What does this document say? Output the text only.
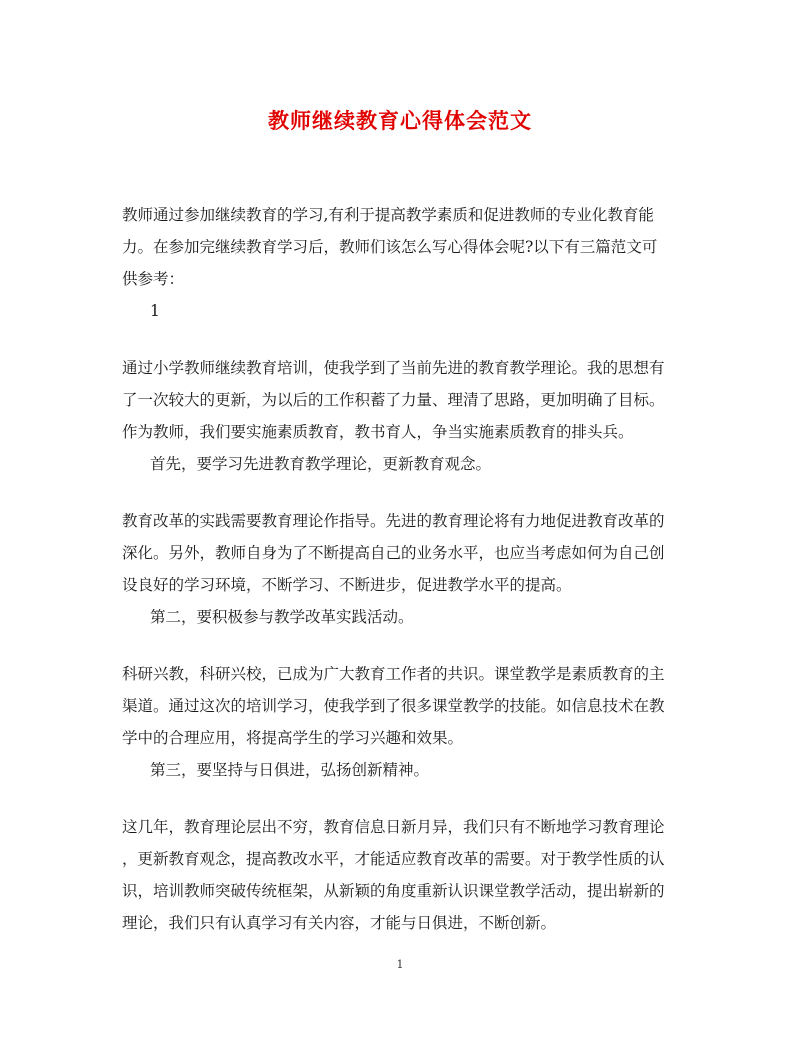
教师继续教育心得体会范文
教师通过参加继续教育的学习,有利于提高教学素质和促进教师的专业化教育能
力。在参加完继续教育学习后，教师们该怎么写心得体会呢?以下有三篇范文可
供参考：
1
通过小学教师继续教育培训，使我学到了当前先进的教育教学理论。我的思想有
了一次较大的更新，为以后的工作积蓄了力量、理清了思路，更加明确了目标。
作为教师，我们要实施素质教育，教书育人，争当实施素质教育的排头兵。
首先，要学习先进教育教学理论，更新教育观念。
教育改革的实践需要教育理论作指导。先进的教育理论将有力地促进教育改革的
深化。另外，教师自身为了不断提高自己的业务水平，也应当考虑如何为自己创
设良好的学习环境，不断学习、不断进步，促进教学水平的提高。
第二，要积极参与教学改革实践活动。
科研兴教，科研兴校，已成为广大教育工作者的共识。课堂教学是素质教育的主
渠道。通过这次的培训学习，使我学到了很多课堂教学的技能。如信息技术在教
学中的合理应用，将提高学生的学习兴趣和效果。
第三，要坚持与日俱进，弘扬创新精神。
这几年，教育理论层出不穷，教育信息日新月异，我们只有不断地学习教育理论
，更新教育观念，提高教改水平，才能适应教育改革的需要。对于教学性质的认
识，培训教师突破传统框架，从新颖的角度重新认识课堂教学活动，提出崭新的
理论，我们只有认真学习有关内容，才能与日俱进，不断创新。
1
